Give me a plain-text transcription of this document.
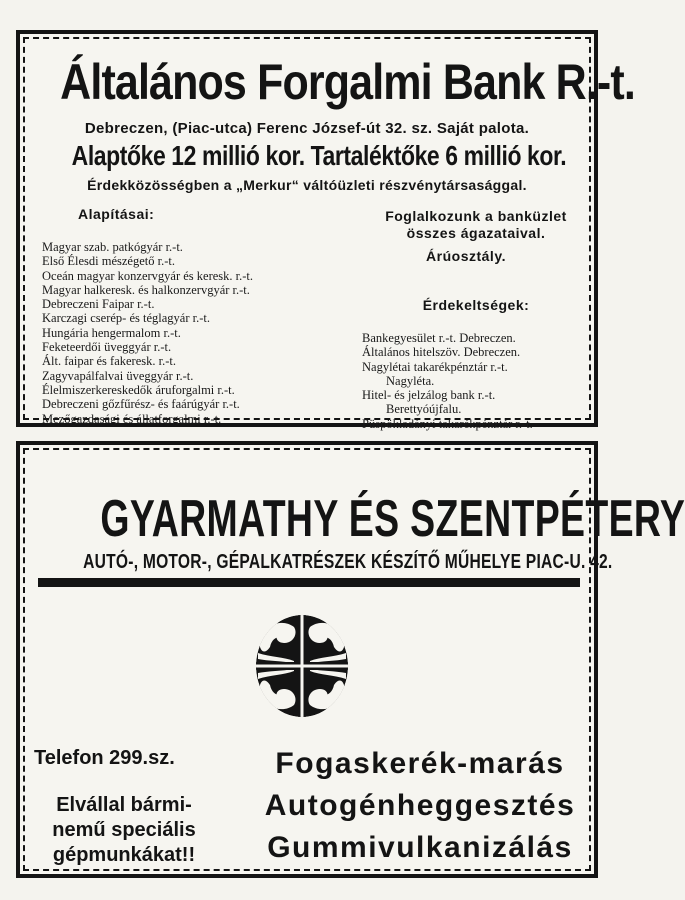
Általános Forgalmi Bank R.-t.
Debreczen, (Piac-utca) Ferenc József-út 32. sz. Saját palota.
Alaptőke 12 millió kor. Tartaléktőke 6 millió kor.
Érdekközösségben a „Merkur“ váltóüzleti részvénytársasággal.
Alapításai:
Magyar szab. patkógyár r.-t.
Első Élesdi mészégető r.-t.
Oceán magyar konzervgyár és keresk. r.-t.
Magyar halkeresk. és halkonzervgyár r.-t.
Debreczeni Faipar r.-t.
Karczagi cserép- és téglagyár r.-t.
Hungária hengermalom r.-t.
Feketeerdői üveggyár r.-t.
Ált. faipar és fakeresk. r.-t.
Zagyvapálfalvai üveggyár r.-t.
Élelmiszerkereskedők áruforgalmi r.-t.
Debreczeni gőzfűrész- és faárúgyár r.-t.
Mezőgazdasági és állatforgalmi r.-t.
Foglalkozunk a banküzlet
összes ágazataival.
Árúosztály.
Érdekeltségek:
Bankegyesület r.-t. Debreczen.
Általános hitelszöv. Debreczen.
Nagylétai takarékpénztár r.-t.
Nagyléta.
Hitel- és jelzálog bank r.-t.
Berettyóújfalu.
Püspökladányi takarékpénztár r.-t.
GYARMATHY ÉS SZENTPÉTERY
AUTÓ-, MOTOR-, GÉPALKATRÉSZEK KÉSZÍTŐ MŰHELYE PIAC-U. 42.
Telefon 299.sz.
Elvállal bármi-
nemű speciális
gépmunkákat!!
Fogaskerék-marás
Autogénheggesztés
Gummivulkanizálás
